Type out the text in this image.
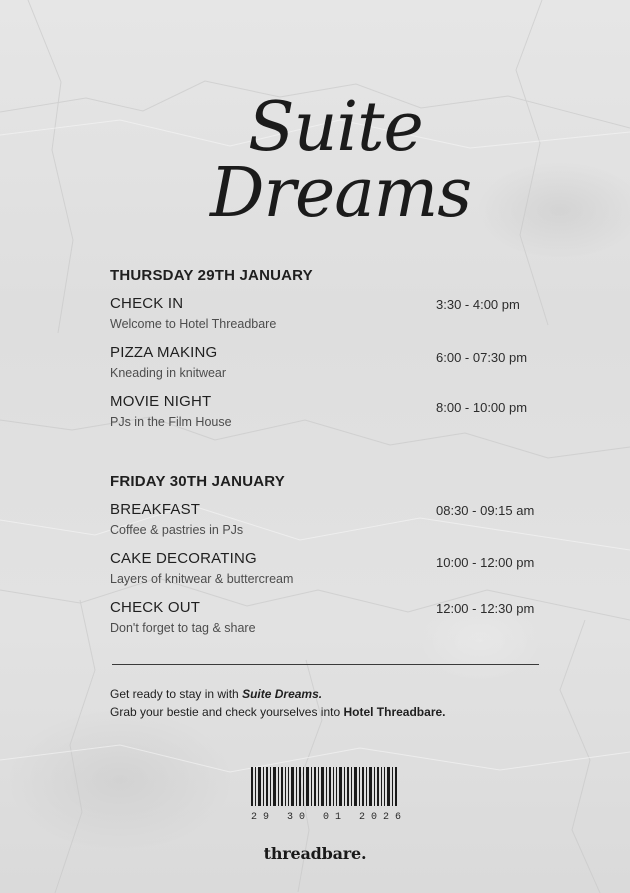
Suite
Dreams
THURSDAY 29TH JANUARY
CHECK IN
Welcome to Hotel Threadbare
3:30 - 4:00 pm
PIZZA MAKING
Kneading in knitwear
6:00 - 07:30 pm
MOVIE NIGHT
PJs in the Film House
8:00 - 10:00 pm
FRIDAY 30TH JANUARY
BREAKFAST
Coffee & pastries in PJs
08:30 - 09:15 am
CAKE DECORATING
Layers of knitwear & buttercream
10:00 - 12:00 pm
CHECK OUT
Don't forget to tag & share
12:00 - 12:30 pm
Get ready to stay in with Suite Dreams.
Grab your bestie and check yourselves into Hotel Threadbare.
29 30 01 2026
threadbare.
